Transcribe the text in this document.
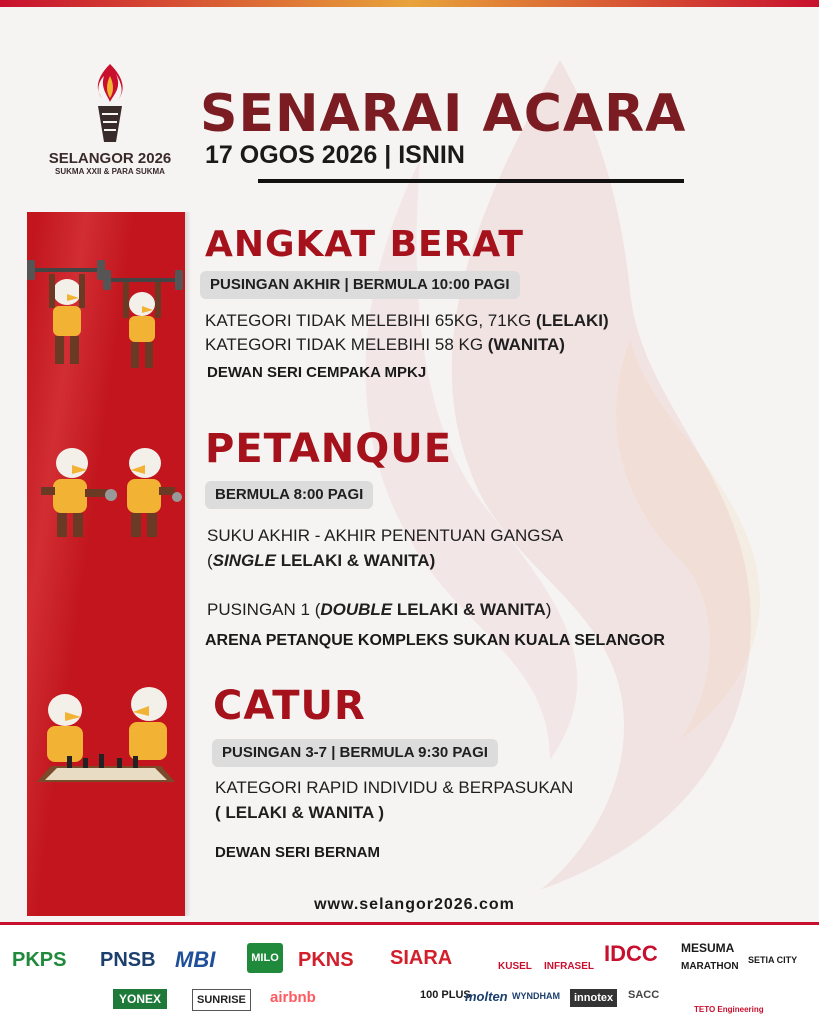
SELANGOR 2026
SUKMA XXII & PARA SUKMA
SENARAI ACARA
17 OGOS 2026 | ISNIN
ANGKAT BERAT
PUSINGAN AKHIR | BERMULA 10:00 PAGI
KATEGORI TIDAK MELEBIHI 65KG, 71KG (LELAKI)
KATEGORI TIDAK MELEBIHI 58 KG (WANITA)
DEWAN SERI CEMPAKA MPKJ
PETANQUE
BERMULA 8:00 PAGI
SUKU AKHIR - AKHIR PENENTUAN GANGSA
(SINGLE LELAKI & WANITA)
PUSINGAN 1 (DOUBLE LELAKI & WANITA)
ARENA PETANQUE KOMPLEKS SUKAN KUALA SELANGOR
CATUR
PUSINGAN 3-7 | BERMULA 9:30 PAGI
KATEGORI RAPID INDIVIDU & BERPASUKAN
( LELAKI & WANITA )
DEWAN SERI BERNAM
www.selangor2026.com
PKPS PNSB MBI	MILO PKNS SIARA	KUSEL INFRASEL
IDCC MESUMA
MARATHON
SETIA CITY
YONEX	SUNRISE	airbnb	100 PLUS
molten WYNDHAM	innotex	SACC
TETO Engineering
